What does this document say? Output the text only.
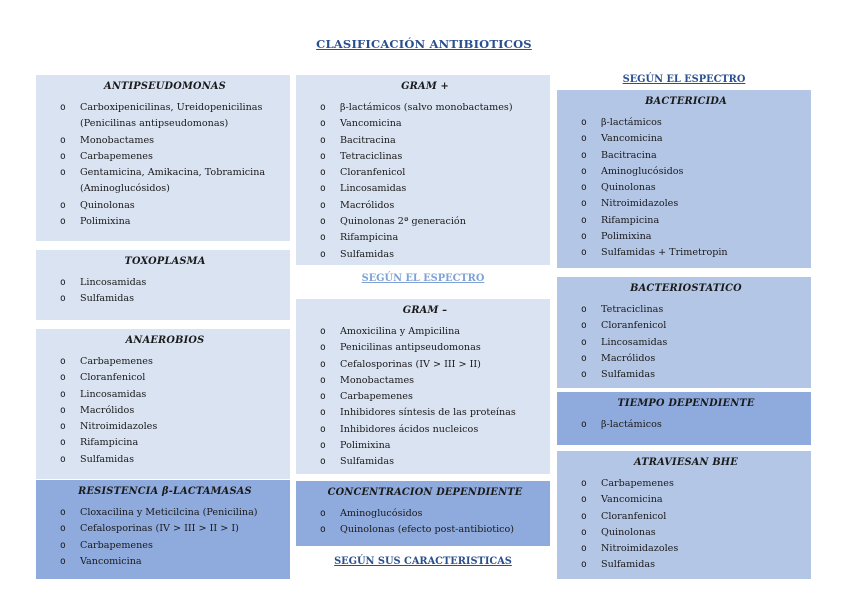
CLASIFICACIÓN ANTIBIOTICOS
ANTIPSEUDOMONAS
o Carboxipenicilinas, Ureidopenicilinas (Penicilinas antipseudomonas)
o Monobactames
o Carbapemenes
o Gentamicina, Amikacina, Tobramicina (Aminoglucósidos)
o Quinolonas
o Polimixina
TOXOPLASMA
o Lincosamidas
o Sulfamidas
ANAEROBIOS
o Carbapemenes
o Cloranfenicol
o Lincosamidas
o Macrólidos
o Nitroimidazoles
o Rifampicina
o Sulfamidas
RESISTENCIA β-LACTAMASAS
o Cloxacilina y Meticilcina (Penicilina)
o Cefalosporinas (IV > III > II > I)
o Carbapemenes
o Vancomicina
GRAM +
o β-lactámicos (salvo monobactames)
o Vancomicina
o Bacitracina
o Tetraciclinas
o Cloranfenicol
o Lincosamidas
o Macrólidos
o Quinolonas 2ª generación
o Rifampicina
o Sulfamidas
SEGÚN EL ESPECTRO
GRAM –
o Amoxicilina y Ampicilina
o Penicilinas antipseudomonas
o Cefalosporinas (IV > III > II)
o Monobactames
o Carbapemenes
o Inhibidores síntesis de las proteínas
o Inhibidores ácidos nucleicos
o Polimixina
o Sulfamidas
CONCENTRACION DEPENDIENTE
o Aminoglucósidos
o Quinolonas (efecto post-antibiotico)
SEGÚN SUS CARACTERISTICAS
SEGÚN EL ESPECTRO
BACTERICIDA
o β-lactámicos
o Vancomicina
o Bacitracina
o Aminoglucósidos
o Quinolonas
o Nitroimidazoles
o Rifampicina
o Polimixina
o Sulfamidas + Trimetropin
BACTERIOSTATICO
o Tetraciclinas
o Cloranfenicol
o Lincosamidas
o Macrólidos
o Sulfamidas
TIEMPO DEPENDIENTE
o β-lactámicos
ATRAVIESAN BHE
o Carbapemenes
o Vancomicina
o Cloranfenicol
o Quinolonas
o Nitroimidazoles
o Sulfamidas
